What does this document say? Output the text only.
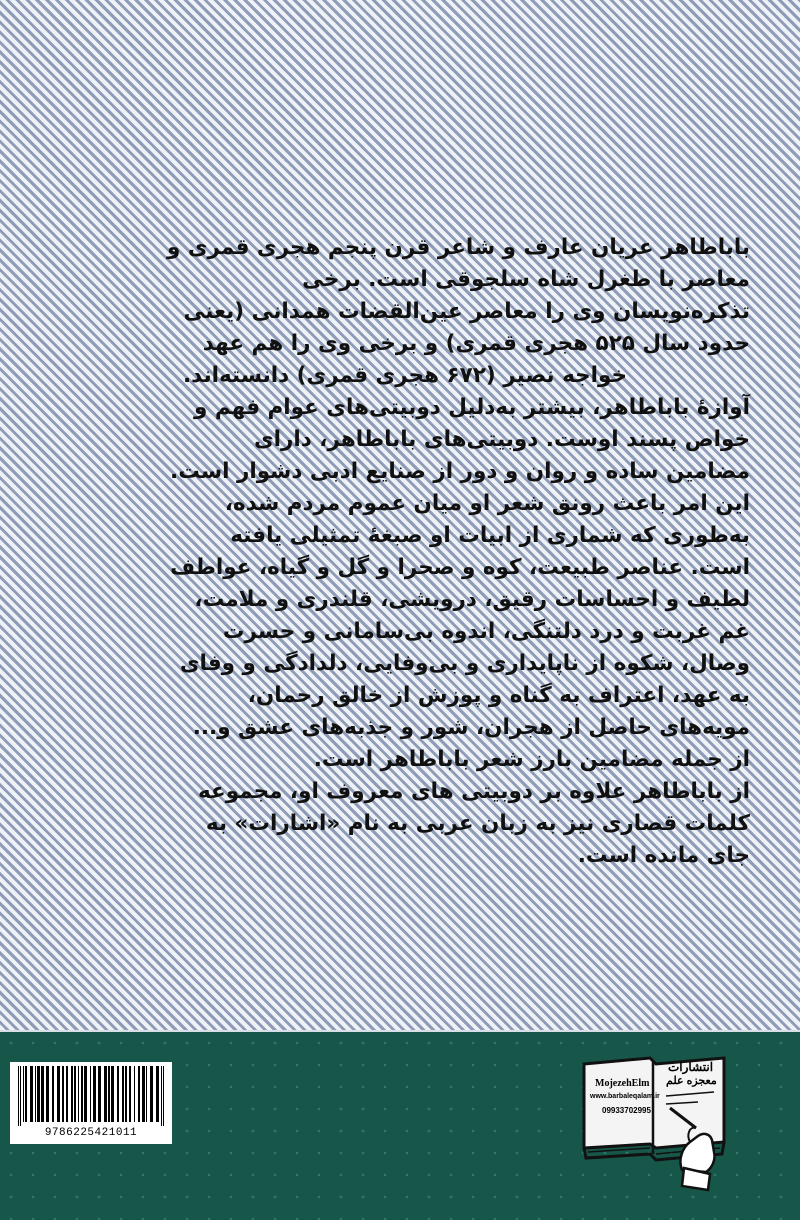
باباطاهر عریان عارف و شاعر قرن پنجم هجری قمری و
معاصر با طغرل شاه سلجوقی است. برخی
تذکره‌نویسان وی را معاصر عین‌القضات همدانی (یعنی
حدود سال ۵۲۵ هجری قمری) و برخی وی را هم عهد
خواجه نصیر (۶۷۲ هجری قمری) دانسته‌اند.

آوازهٔ باباطاهر، بیشتر به‌دلیل دوبیتی‌های عوام فهم و
خواص پسند اوست. دوبیتی‌های باباطاهر، دارای
مضامین ساده و روان و دور از صنایع ادبی دشوار است.
این امر باعث رونق شعر او میان عموم مردم شده،
به‌طوری که شماری از ابیات او صبغهٔ تمثیلی یافته
است. عناصر طبیعت، کوه و صحرا و گل و گیاه، عواطف
لطیف و احساسات رقیق، درویشی، قلندری و ملامت،
غم غربت و درد دلتنگی، اندوه بی‌سامانی و حسرت
وصال، شکوه از ناپایداری و بی‌وفایی، دلدادگی و وفای
به عهد، اعتراف به گناه و پوزش از خالق رحمان،
مویه‌های حاصل از هجران، شور و جذبه‌های عشق و...
از جمله مضامین بارز شعر باباطاهر است.

از باباطاهر علاوه بر دوبیتی های معروف او، مجموعه
کلمات قصاری نیز به زبان عربی به نام «اشارات» به
جای مانده است.

9786225421011
انتشارات
معجزه علم
MojezehElm
www.barbaleqalam.ir
09933702995
